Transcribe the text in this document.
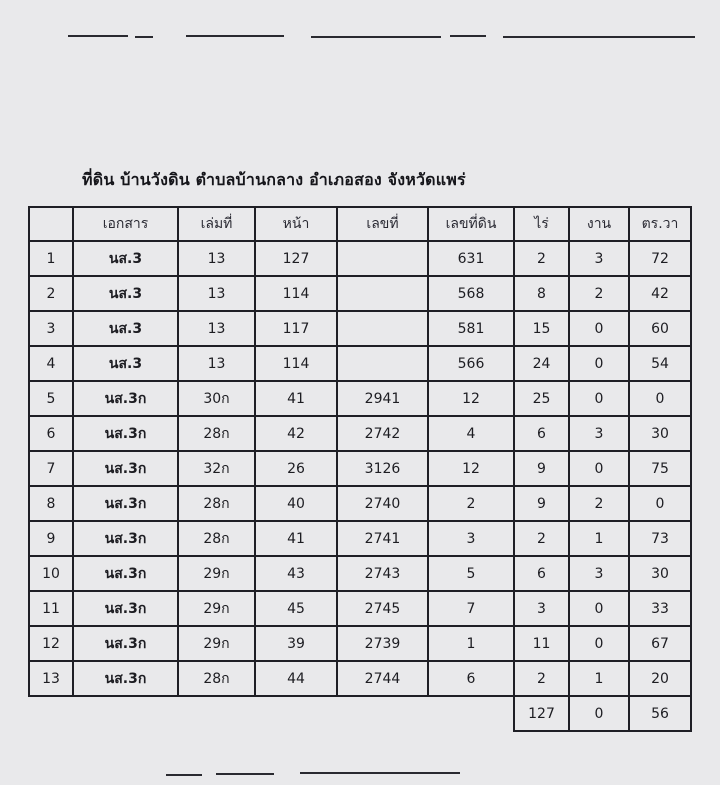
ที่ดิน บ้านวังดิน ตำบลบ้านกลาง อำเภอสอง จังหวัดแพร่
	เอกสาร	เล่มที่	หน้า	เลขที่	เลขที่ดิน	ไร่	งาน	ตร.วา
1	นส.3	13	127		631	2	3	72
2	นส.3	13	114		568	8	2	42
3	นส.3	13	117		581	15	0	60
4	นส.3	13	114		566	24	0	54
5	นส.3ก	30ก	41	2941	12	25	0	0
6	นส.3ก	28ก	42	2742	4	6	3	30
7	นส.3ก	32ก	26	3126	12	9	0	75
8	นส.3ก	28ก	40	2740	2	9	2	0
9	นส.3ก	28ก	41	2741	3	2	1	73
10	นส.3ก	29ก	43	2743	5	6	3	30
11	นส.3ก	29ก	45	2745	7	3	0	33
12	นส.3ก	29ก	39	2739	1	11	0	67
13	นส.3ก	28ก	44	2744	6	2	1	20
						127	0	56
